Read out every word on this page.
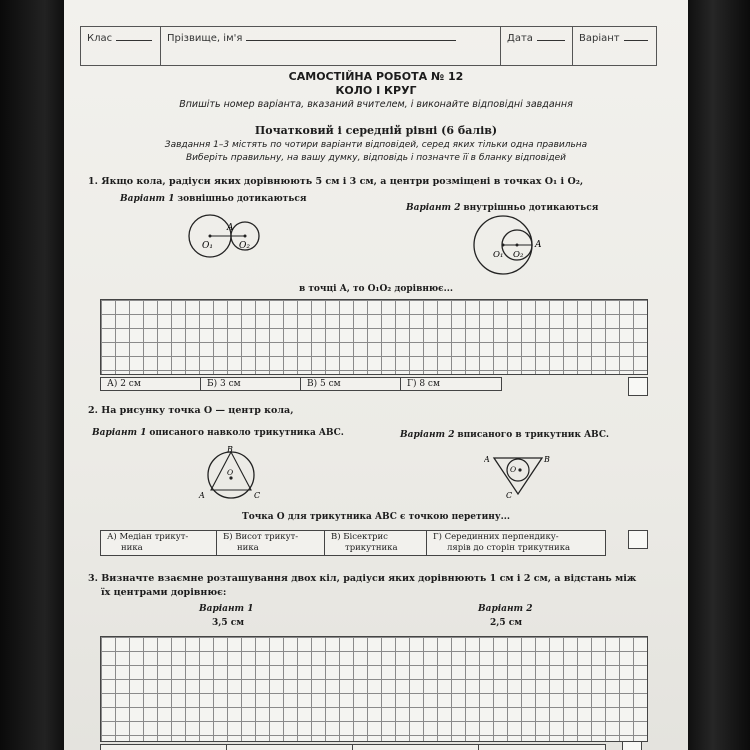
Клас	Прізвище, ім'я	Дата	Варіант
САМОСТІЙНА РОБОТА № 12
КОЛО І КРУГ
Впишіть номер варіанта, вказаний вчителем, і виконайте відповідні завдання
Початковий і середній рівні (6 балів)
Завдання 1–3 містять по чотири варіанти відповідей, серед яких тільки одна правильна
Виберіть правильну, на вашу думку, відповідь і позначте її в бланку відповідей
1. Якщо кола, радіуси яких дорівнюють 5 см і 3 см, а центри розміщені в точках O₁ і O₂,
Варіант 1 зовнішньо дотикаються
Варіант 2 внутрішньо дотикаються
O₁	O₂
A
O₁ O₂
A
в точці A, то O₁O₂ дорівнює...
А) 2 см	Б) 3 см	В) 5 см	Г) 8 см
2. На рисунку точка O — центр кола,
Варіант 1 описаного навколо трикутника ABC.	Варіант 2 вписаного в трикутник ABC.
B
A	C
O
A	B
C
O
Точка O для трикутника ABC є точкою перетину...
А) Медіан трикут-
ника
Б) Висот трикут-
ника
В) Бісектрис
трикутника
Г) Серединних перпендику-
лярів до сторін трикутника
3. Визначте взаємне розташування двох кіл, радіуси яких дорівнюють 1 см і 2 см, а відстань між
їх центрами дорівнює:
Варіант 1
3,5 см
Варіант 2
2,5 см
